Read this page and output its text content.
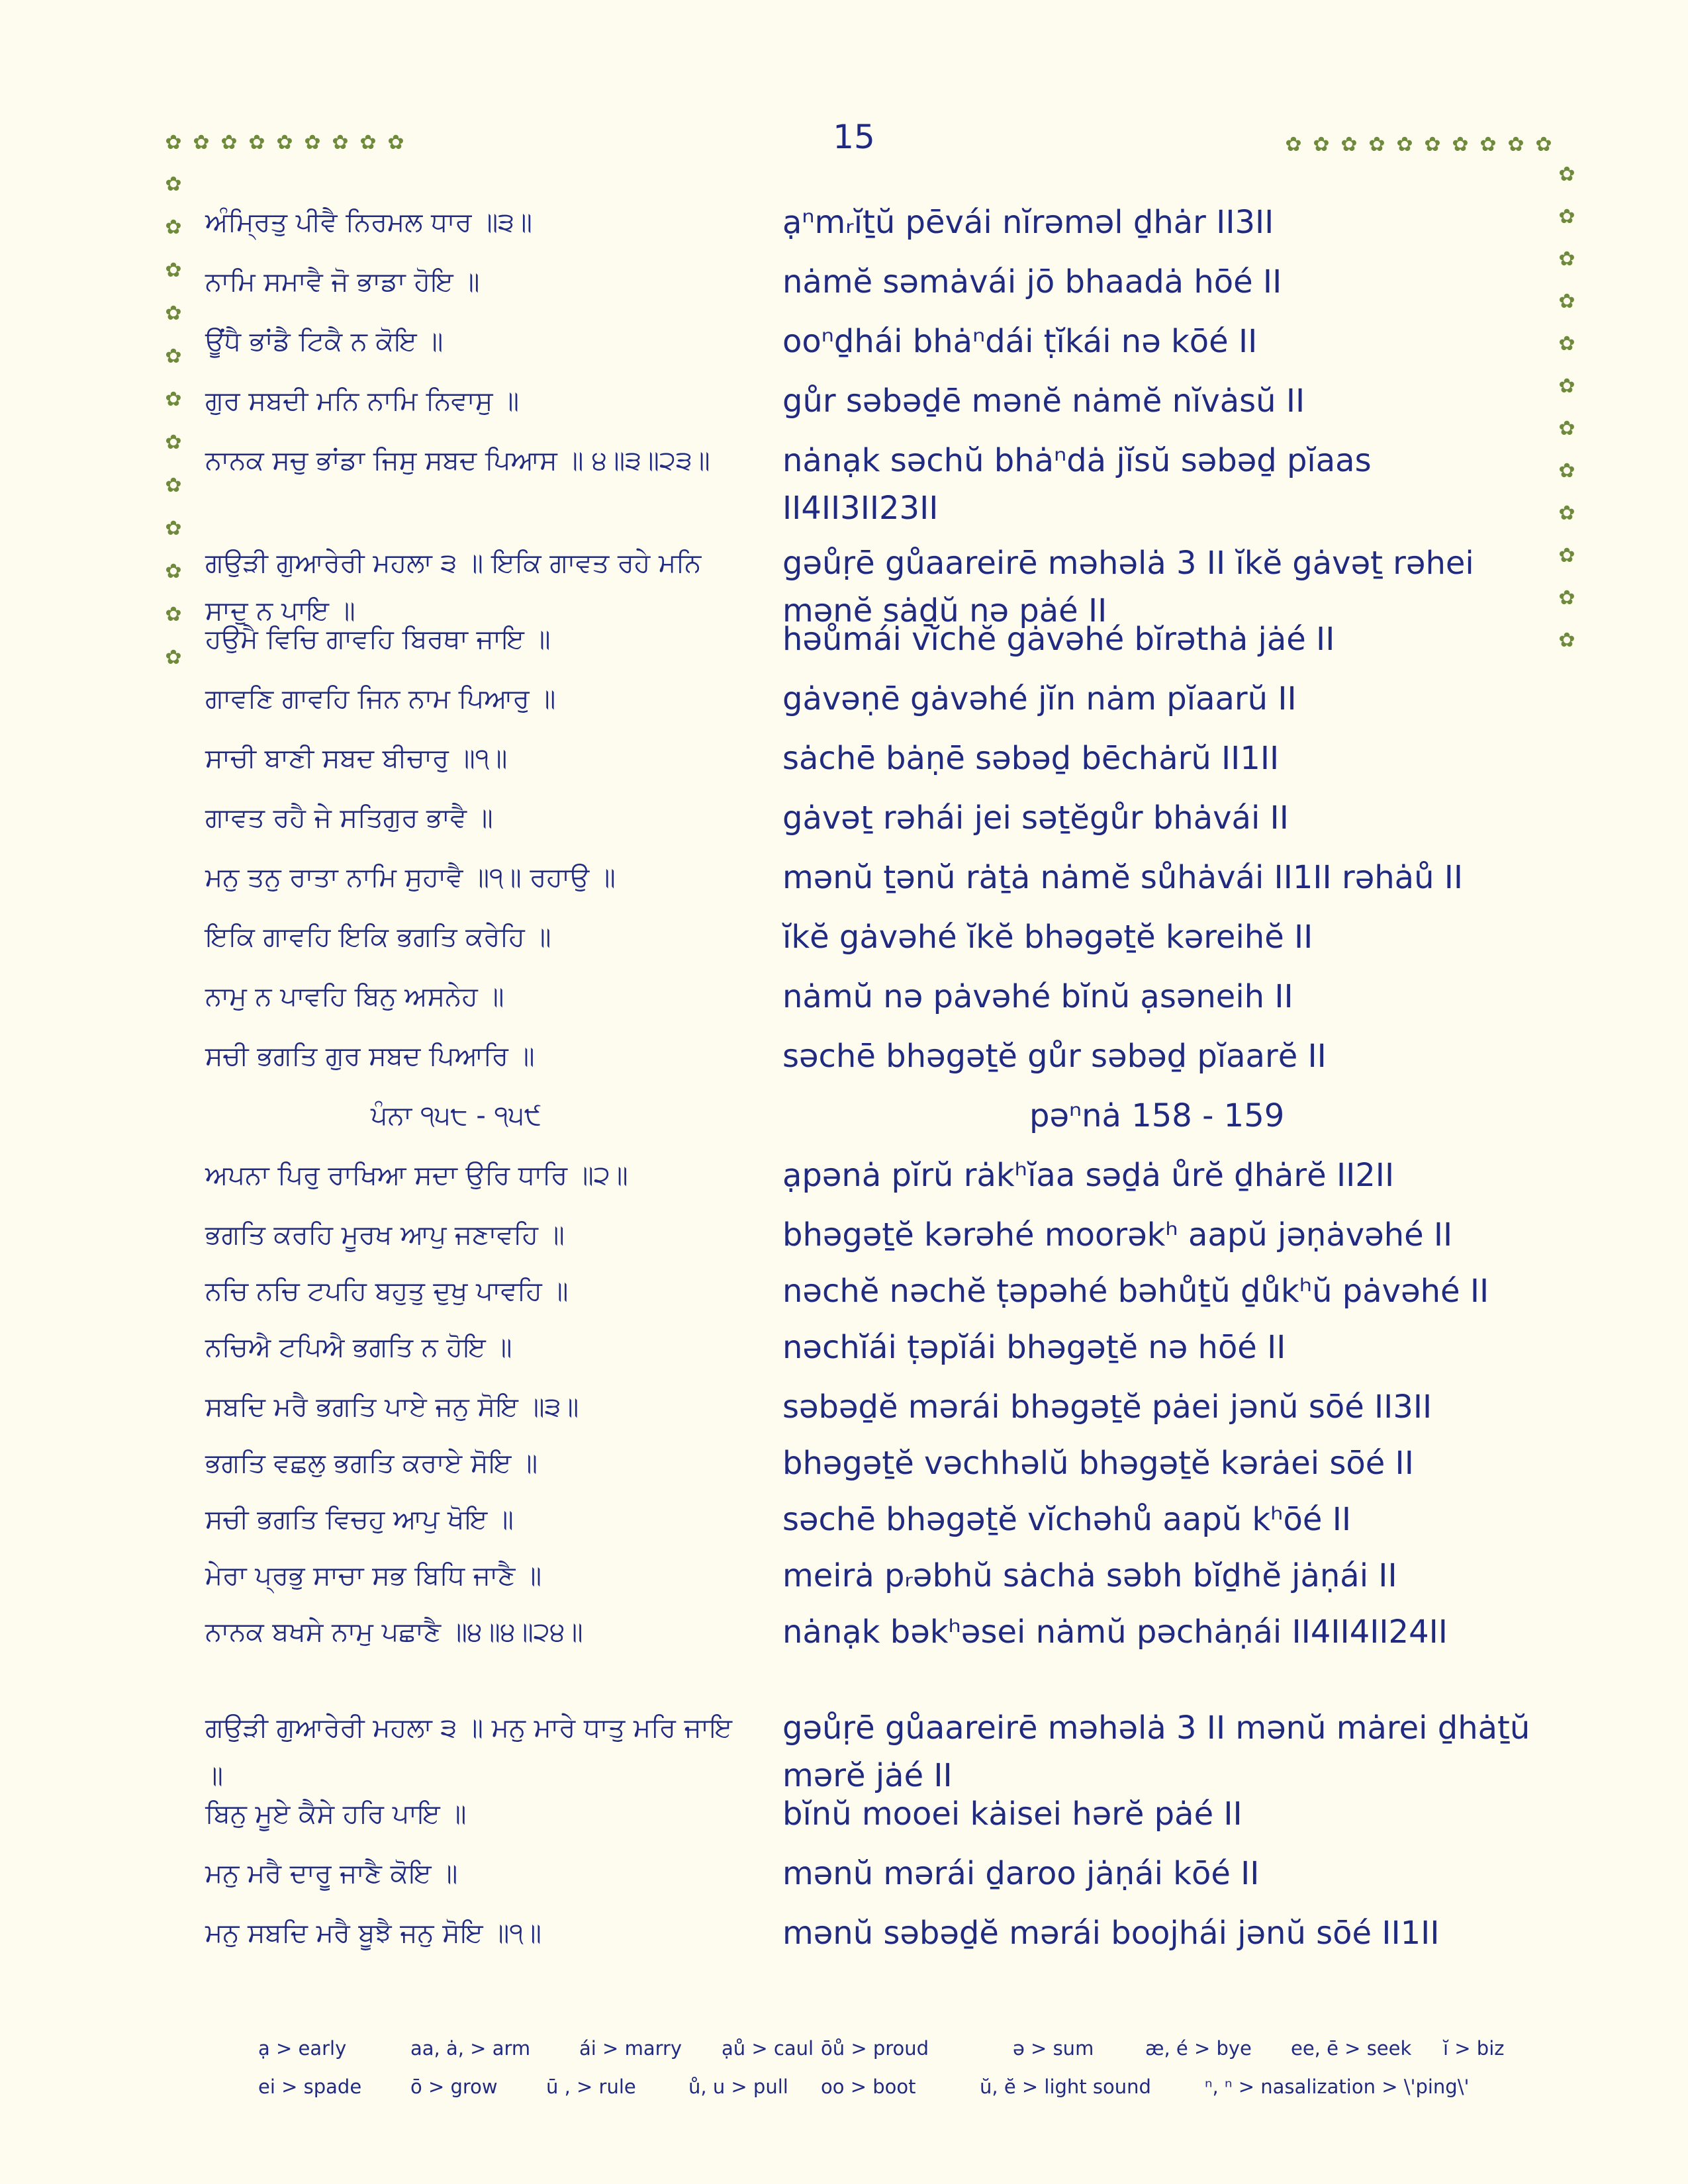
15
✿ ✿ ✿ ✿ ✿ ✿ ✿ ✿ ✿	✿ ✿ ✿ ✿ ✿ ✿ ✿ ✿ ✿ ✿
✿
✿
✿
✿
✿
✿
✿
✿
✿
✿
✿
✿
✿
✿
✿
✿
✿
✿
✿
✿
✿
✿
✿
✿
ਅੰਮ੍ਰਿਤੁ ਪੀਵੈ ਨਿਰਮਲ ਧਾਰ ॥੩॥	ạⁿmᵣĭṯŭ pēvái nĭrəməl ḏhȧr II3II
ਨਾਮਿ ਸਮਾਵੈ ਜੋ ਭਾਡਾ ਹੋਇ ॥	nȧmĕ səmȧvái jō bhaadȧ hōé II
ਊਂਧੈ ਭਾਂਡੈ ਟਿਕੈ ਨ ਕੋਇ ॥	ooⁿḏhái bhȧⁿdái ṭĭkái nə kōé II
ਗੁਰ ਸਬਦੀ ਮਨਿ ਨਾਮਿ ਨਿਵਾਸੁ ॥	gůr səbəḏē mənĕ nȧmĕ nĭvȧsŭ II
ਨਾਨਕ ਸਚੁ ਭਾਂਡਾ ਜਿਸੁ ਸਬਦ ਪਿਆਸ ॥ ੪॥੩॥੨੩॥	nȧnạk səchŭ bhȧⁿdȧ jĭsŭ səbəḏ pĭaas II4II3II23II
ਗਉੜੀ ਗੁਆਰੇਰੀ ਮਹਲਾ ੩ ॥ ਇਕਿ ਗਾਵਤ ਰਹੇ ਮਨਿ ਸਾਦੁ ਨ ਪਾਇ ॥
gəůṛē gůaareirē məhəlȧ 3 II ĭkĕ gȧvəṯ rəhei mənĕ sȧḏŭ nə pȧé II
ਹਉਮੈ ਵਿਚਿ ਗਾਵਹਿ ਬਿਰਥਾ ਜਾਇ ॥	həůmái vĭchĕ gȧvəhé bĭrəthȧ jȧé II
ਗਾਵਣਿ ਗਾਵਹਿ ਜਿਨ ਨਾਮ ਪਿਆਰੁ ॥	gȧvəṇē gȧvəhé jĭn nȧm pĭaarŭ II
ਸਾਚੀ ਬਾਣੀ ਸਬਦ ਬੀਚਾਰੁ ॥੧॥	sȧchē bȧṇē səbəḏ bēchȧrŭ II1II
ਗਾਵਤ ਰਹੈ ਜੇ ਸਤਿਗੁਰ ਭਾਵੈ ॥	gȧvəṯ rəhái jei səṯĕgůr bhȧvái II
ਮਨੁ ਤਨੁ ਰਾਤਾ ਨਾਮਿ ਸੁਹਾਵੈ ॥੧॥ ਰਹਾਉ ॥	mənŭ ṯənŭ rȧṯȧ nȧmĕ sůhȧvái II1II rəhȧů II
ਇਕਿ ਗਾਵਹਿ ਇਕਿ ਭਗਤਿ ਕਰੇਹਿ ॥	ĭkĕ gȧvəhé ĭkĕ bhəgəṯĕ kəreihĕ II
ਨਾਮੁ ਨ ਪਾਵਹਿ ਬਿਨੁ ਅਸਨੇਹ ॥	nȧmŭ nə pȧvəhé bĭnŭ ạsəneih II
ਸਚੀ ਭਗਤਿ ਗੁਰ ਸਬਦ ਪਿਆਰਿ ॥	səchē bhəgəṯĕ gůr səbəḏ pĭaarĕ II
ਪੰਨਾ ੧੫੮ - ੧੫੯	pəⁿnȧ 158 - 159
ਅਪਨਾ ਪਿਰੁ ਰਾਖਿਆ ਸਦਾ ਉਰਿ ਧਾਰਿ ॥੨॥	ạpənȧ pĭrŭ rȧkʰĭaa səḏȧ ůrĕ ḏhȧrĕ II2II
ਭਗਤਿ ਕਰਹਿ ਮੂਰਖ ਆਪੁ ਜਣਾਵਹਿ ॥	bhəgəṯĕ kərəhé moorəkʰ aapŭ jəṇȧvəhé II
ਨਚਿ ਨਚਿ ਟਪਹਿ ਬਹੁਤੁ ਦੁਖੁ ਪਾਵਹਿ ॥	nəchĕ nəchĕ ṭəpəhé bəhůṯŭ ḏůkʰŭ pȧvəhé II
ਨਚਿਐ ਟਪਿਐ ਭਗਤਿ ਨ ਹੋਇ ॥	nəchĭái ṭəpĭái bhəgəṯĕ nə hōé II
ਸਬਦਿ ਮਰੈ ਭਗਤਿ ਪਾਏ ਜਨੁ ਸੋਇ ॥੩॥	səbəḏĕ mərái bhəgəṯĕ pȧei jənŭ sōé II3II
ਭਗਤਿ ਵਛਲੁ ਭਗਤਿ ਕਰਾਏ ਸੋਇ ॥	bhəgəṯĕ vəchhəlŭ bhəgəṯĕ kərȧei sōé II
ਸਚੀ ਭਗਤਿ ਵਿਚਹੁ ਆਪੁ ਖੋਇ ॥	səchē bhəgəṯĕ vĭchəhů aapŭ kʰōé II
ਮੇਰਾ ਪ੍ਰਭੁ ਸਾਚਾ ਸਭ ਬਿਧਿ ਜਾਣੈ ॥	meirȧ pᵣəbhŭ sȧchȧ səbh bĭḏhĕ jȧṇái II
ਨਾਨਕ ਬਖਸੇ ਨਾਮੁ ਪਛਾਣੈ ॥੪॥੪॥੨੪॥	nȧnạk bəkʰəsei nȧmŭ pəchȧṇái II4II4II24II
ਗਉੜੀ ਗੁਆਰੇਰੀ ਮਹਲਾ ੩ ॥ ਮਨੁ ਮਾਰੇ ਧਾਤੁ ਮਰਿ ਜਾਇ ॥
gəůṛē gůaareirē məhəlȧ 3 II mənŭ mȧrei ḏhȧṯŭ mərĕ jȧé II
ਬਿਨੁ ਮੂਏ ਕੈਸੇ ਹਰਿ ਪਾਇ ॥	bĭnŭ mooei kȧisei hərĕ pȧé II
ਮਨੁ ਮਰੈ ਦਾਰੂ ਜਾਣੈ ਕੋਇ ॥	mənŭ mərái ḏaroo jȧṇái kōé II
ਮਨੁ ਸਬਦਿ ਮਰੈ ਬੂਝੈ ਜਨੁ ਸੋਇ ॥੧॥	mənŭ səbəḏĕ mərái boojhái jənŭ sōé II1II
ạ > early	aa, ȧ, > arm	ái > marry ạů > caul ōů > proud	ə > sum	æ, é > bye ee, ē > seek ĭ > biz
ei > spade	ō > grow	ū , > rule	ů, u > pull oo > boot	ŭ, ĕ > light sound	ⁿ, ⁿ > nasalization > \'ping\'
